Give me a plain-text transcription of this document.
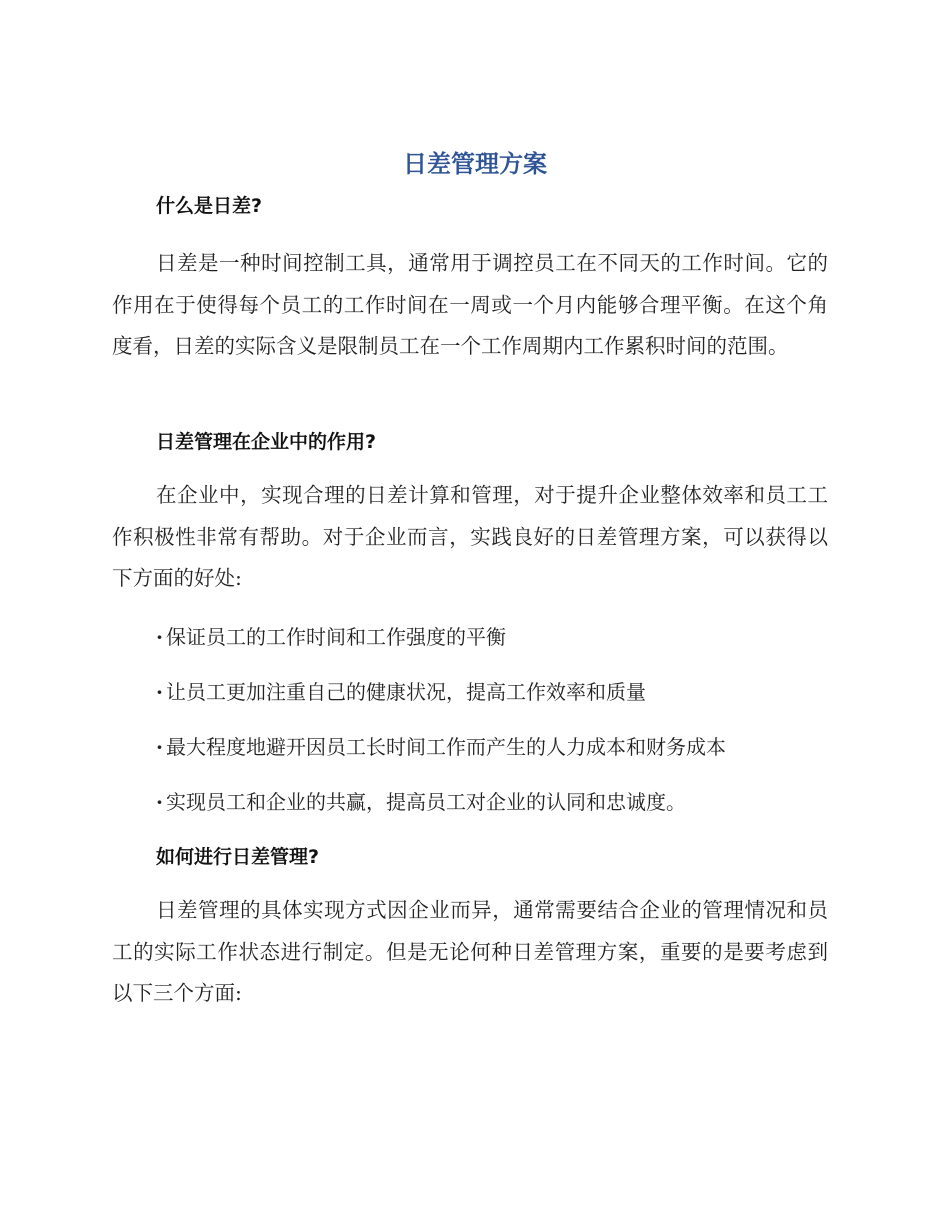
日差管理方案
什么是日差?

日差是一种时间控制工具，通常用于调控员工在不同天的工作时间。它的作用在于使得每个员工的工作时间在一周或一个月内能够合理平衡。在这个角度看，日差的实际含义是限制员工在一个工作周期内工作累积时间的范围。

日差管理在企业中的作用?

在企业中，实现合理的日差计算和管理，对于提升企业整体效率和员工工作积极性非常有帮助。对于企业而言，实践良好的日差管理方案，可以获得以下方面的好处:

· 保证员工的工作时间和工作强度的平衡
· 让员工更加注重自己的健康状况，提高工作效率和质量
· 最大程度地避开因员工长时间工作而产生的人力成本和财务成本
· 实现员工和企业的共赢，提高员工对企业的认同和忠诚度。
如何进行日差管理?

日差管理的具体实现方式因企业而异，通常需要结合企业的管理情况和员工的实际工作状态进行制定。但是无论何种日差管理方案，重要的是要考虑到以下三个方面:
